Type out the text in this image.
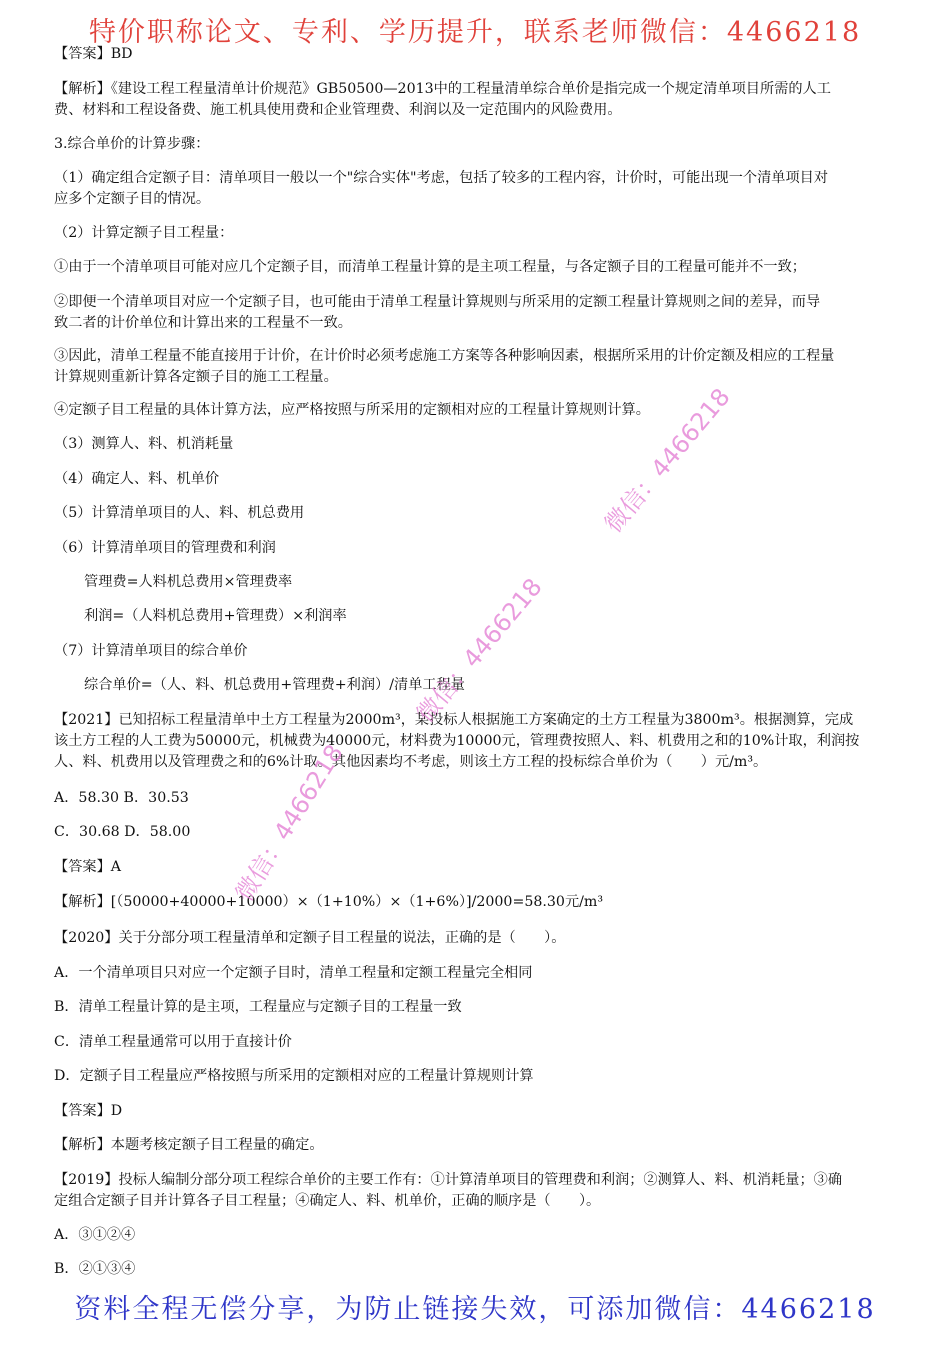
特价职称论文、专利、学历提升，联系老师微信：4466218
【答案】BD
【解析】《建设工程工程量清单计价规范》GB50500—2013中的工程量清单综合单价是指完成一个规定清单项目所需的人工
费、材料和工程设备费、施工机具使用费和企业管理费、利润以及一定范围内的风险费用。
3.综合单价的计算步骤：
（1）确定组合定额子目：清单项目一般以一个"综合实体"考虑，包括了较多的工程内容，计价时，可能出现一个清单项目对
应多个定额子目的情况。
（2）计算定额子目工程量：
①由于一个清单项目可能对应几个定额子目，而清单工程量计算的是主项工程量，与各定额子目的工程量可能并不一致；
②即便一个清单项目对应一个定额子目，也可能由于清单工程量计算规则与所采用的定额工程量计算规则之间的差异，而导
致二者的计价单位和计算出来的工程量不一致。
③因此，清单工程量不能直接用于计价，在计价时必须考虑施工方案等各种影响因素，根据所采用的计价定额及相应的工程量
计算规则重新计算各定额子目的施工工程量。
④定额子目工程量的具体计算方法，应严格按照与所采用的定额相对应的工程量计算规则计算。
（3）测算人、料、机消耗量
（4）确定人、料、机单价
（5）计算清单项目的人、料、机总费用
（6）计算清单项目的管理费和利润
管理费=人料机总费用×管理费率
利润=（人料机总费用+管理费）×利润率
（7）计算清单项目的综合单价
综合单价=（人、料、机总费用+管理费+利润）/清单工程量
【2021】已知招标工程量清单中土方工程量为2000m³，某投标人根据施工方案确定的土方工程量为3800m³。根据测算，完成
该土方工程的人工费为50000元，机械费为40000元，材料费为10000元，管理费按照人、料、机费用之和的10%计取，利润按
人、料、机费用以及管理费之和的6%计取。其他因素均不考虑，则该土方工程的投标综合单价为（　　）元/m³。
A．58.30 B．30.53
C．30.68 D．58.00
【答案】A
【解析】[（50000+40000+10000）×（1+10%）×（1+6%）]/2000=58.30元/m³
【2020】关于分部分项工程量清单和定额子目工程量的说法，正确的是（　　）。
A．一个清单项目只对应一个定额子目时，清单工程量和定额工程量完全相同
B．清单工程量计算的是主项，工程量应与定额子目的工程量一致
C．清单工程量通常可以用于直接计价
D．定额子目工程量应严格按照与所采用的定额相对应的工程量计算规则计算
【答案】D
【解析】本题考核定额子目工程量的确定。
【2019】投标人编制分部分项工程综合单价的主要工作有：①计算清单项目的管理费和利润；②测算人、料、机消耗量；③确
定组合定额子目并计算各子目工程量；④确定人、料、机单价，正确的顺序是（　　）。
A．③①②④
B．②①③④
微信：4466218
微信：4466218
微信：4466218
资料全程无偿分享，为防止链接失效，可添加微信：4466218
